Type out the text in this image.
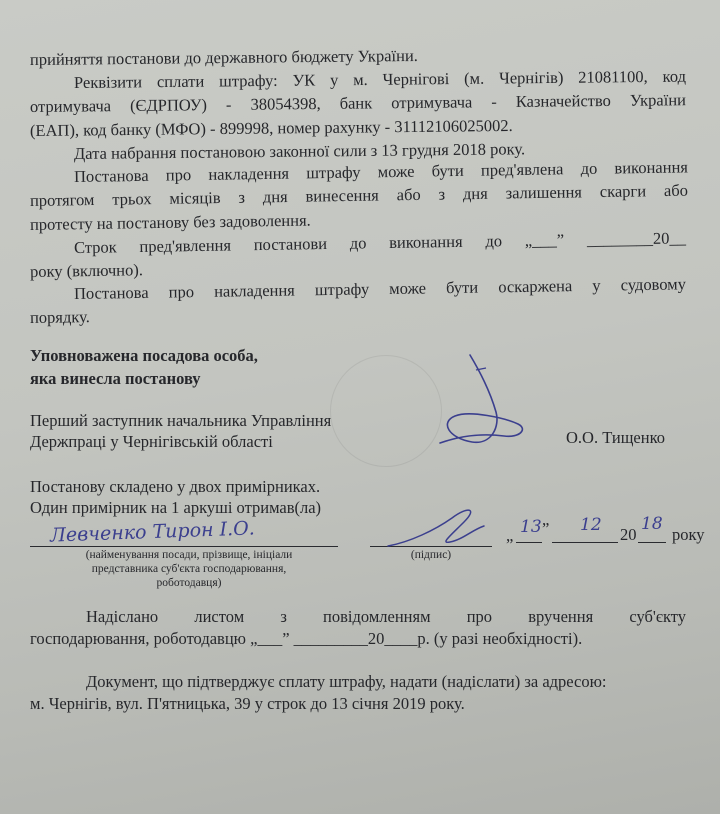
прийняття постанови до державного бюджету України.
Реквізити сплати штрафу: УК у м. Чернігові (м. Чернігів) 21081100, код
отримувача (ЄДРПОУ) - 38054398, банк отримувача - Казначейство України
(ЕАП), код банку (МФО) - 899998, номер рахунку - 31112106025002.
Дата набрання постановою законної сили з 13 грудня 2018 року.
Постанова про накладення штрафу може бути пред'явлена до виконання
протягом трьох місяців з дня винесення або з дня залишення скарги або
протесту на постанову без задоволення.
Строк пред'явлення постанови до виконання до „___” ________20__
року (включно).
Постанова про накладення штрафу може бути оскаржена у судовому
порядку.
Уповноважена посадова особа,
яка винесла постанову
Перший заступник начальника Управління
Держпраці у Чернігівській області	О.О. Тищенко
Постанову складено у двох примірниках.
Один примірник на 1 аркуші отримав(ла)
Левченко Тирон І.О.
(найменування посади, прізвище, ініціали
представника суб'єкта господарювання,
роботодавця)
(підпис)
„ 13 ” 12 20
18
року
Надіслано листом з повідомленням про вручення суб'єкту
господарювання, роботодавцю „___” _________20____р. (у разі необхідності).
Документ, що підтверджує сплату штрафу, надати (надіслати) за адресою:
м. Чернігів, вул. П'ятницька, 39 у строк до 13 січня 2019 року.
